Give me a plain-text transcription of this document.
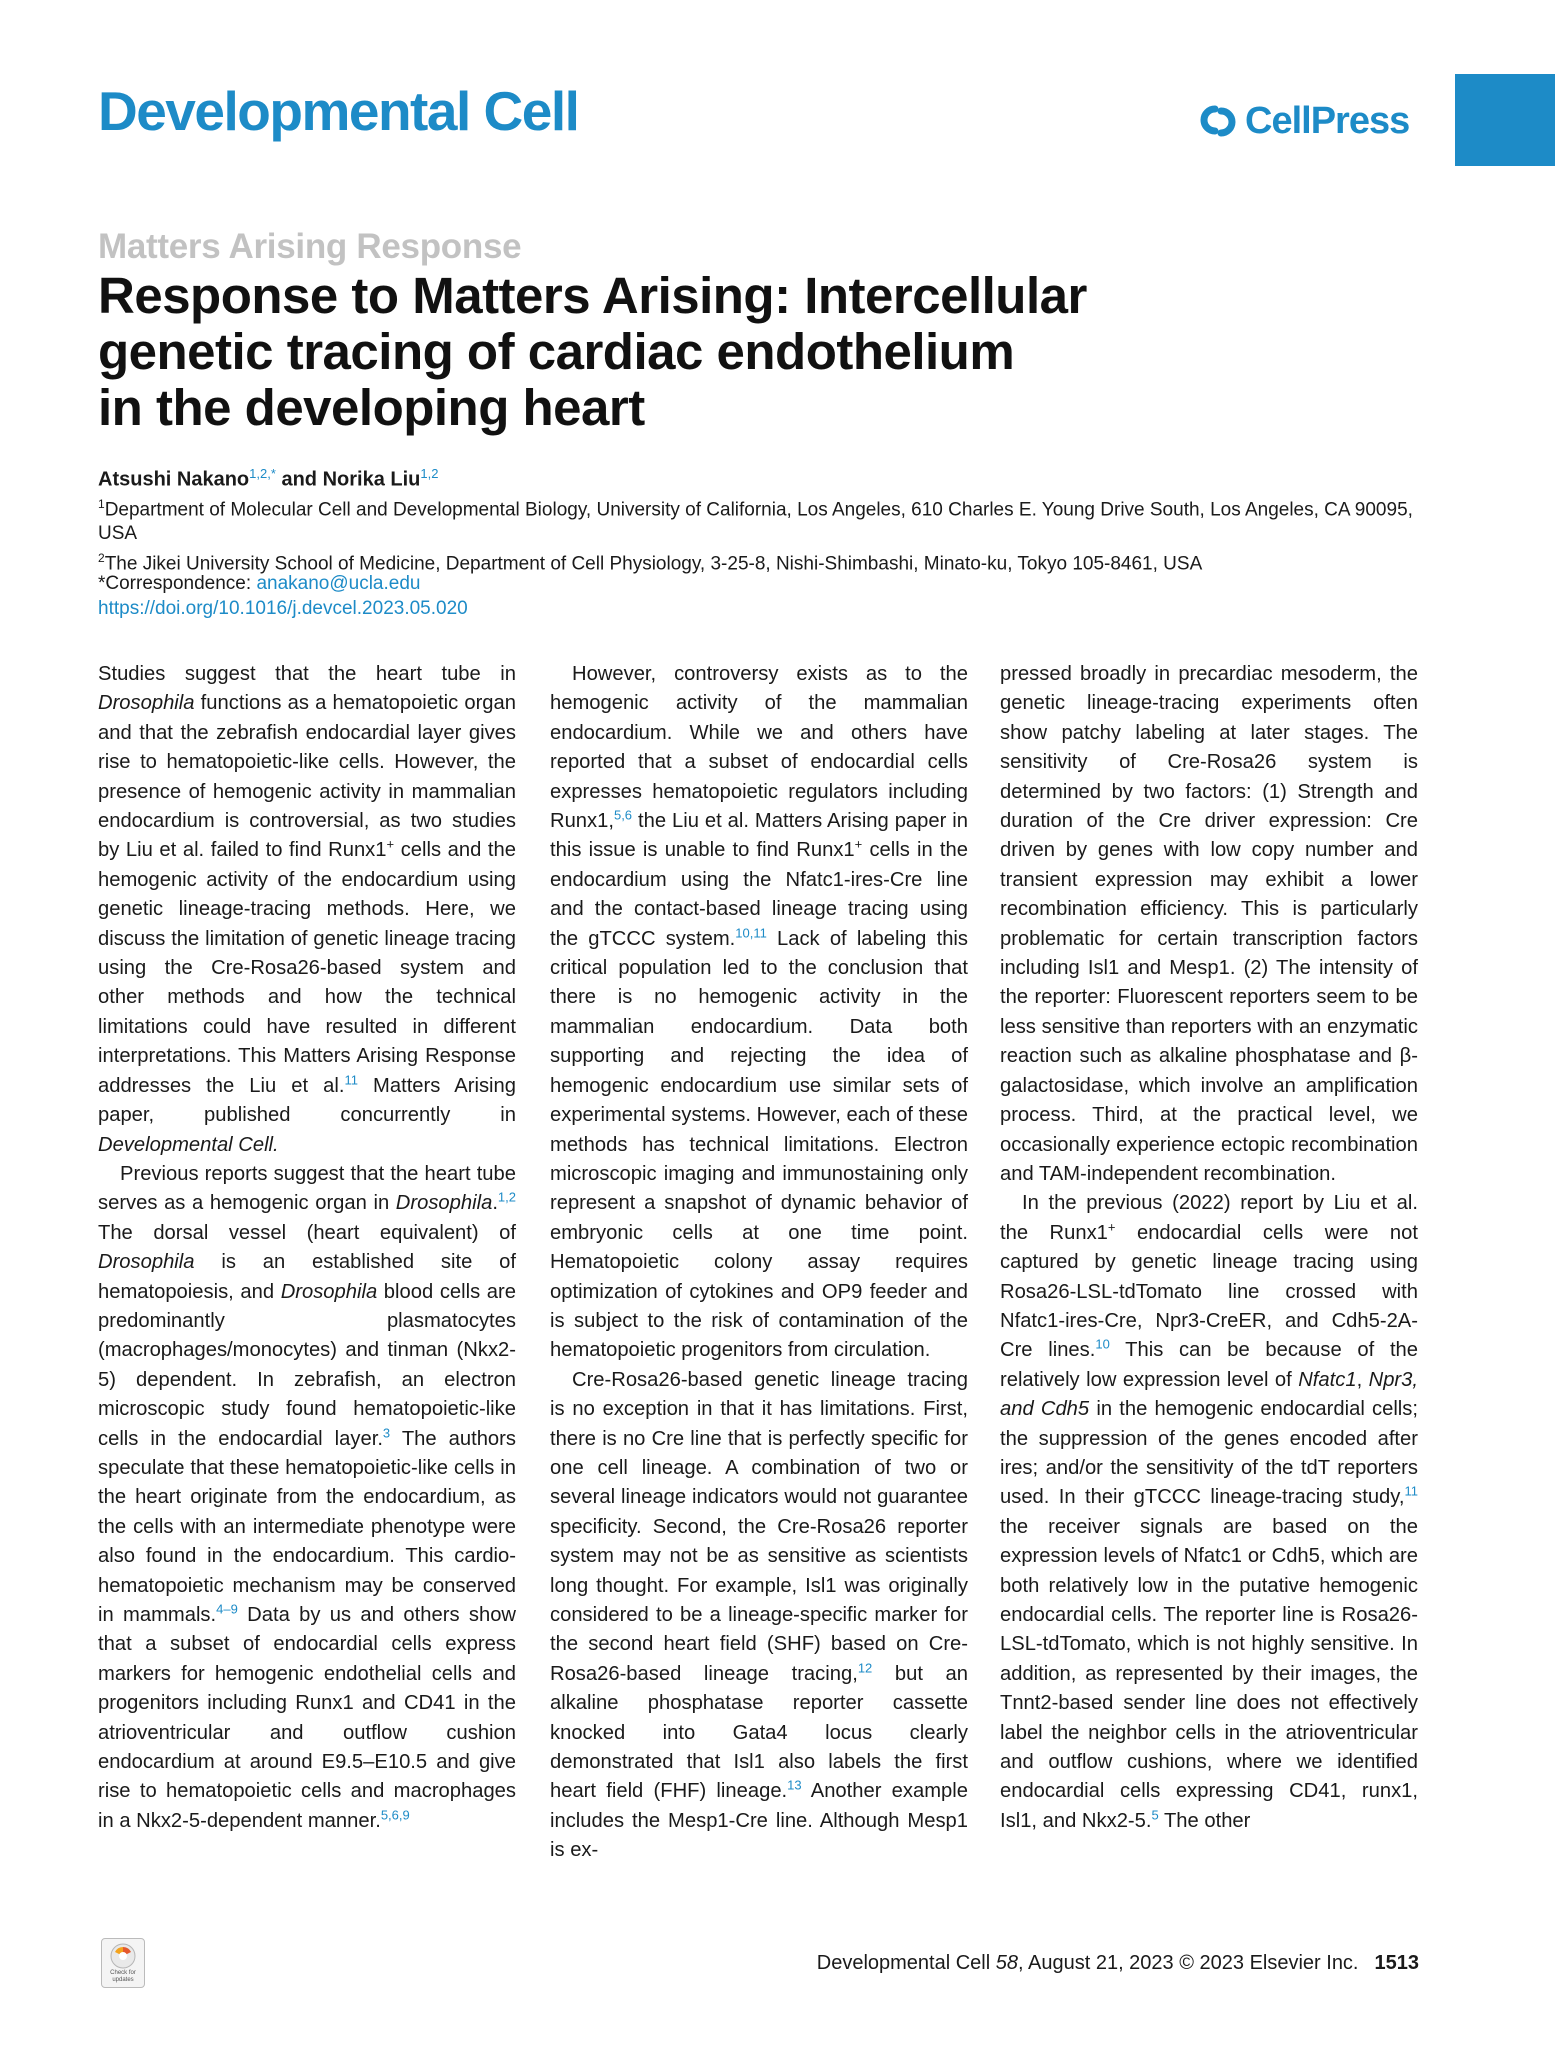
Developmental Cell	CellPress
Matters Arising Response
Response to Matters Arising: Intercellular
genetic tracing of cardiac endothelium
in the developing heart
Atsushi Nakano$^{1,2,*}$ and Norika Liu$^{1,2}$
$^1$Department of Molecular Cell and Developmental Biology, University of California, Los Angeles, 610 Charles E. Young Drive South, Los Angeles, CA 90095, USA
$^2$The Jikei University School of Medicine, Department of Cell Physiology, 3-25-8, Nishi-Shimbashi, Minato-ku, Tokyo 105-8461, USA
*Correspondence: anakano@ucla.edu
https://doi.org/10.1016/j.devcel.2023.05.020

Studies suggest that the heart tube in Drosophila functions as a hematopoietic organ and that the zebrafish endocardial layer gives rise to hematopoietic-like cells. However, the presence of hemogenic activity in mammalian endocardium is controversial, as two studies by Liu et al. failed to find Runx1+ cells and the hemogenic activity of the endocardium using genetic lineage-tracing methods. Here, we discuss the limitation of genetic lineage tracing using the Cre-Rosa26-based system and other methods and how the technical limitations could have resulted in different interpretations. This Matters Arising Response addresses the Liu et al.$^{11}$ Matters Arising paper, published concurrently in Developmental Cell.

Previous reports suggest that the heart tube serves as a hemogenic organ in Drosophila.$^{1,2}$ The dorsal vessel (heart equivalent) of Drosophila is an established site of hematopoiesis, and Drosophila blood cells are predominantly plasmatocytes (macrophages/monocytes) and tinman (Nkx2-5) dependent. In zebrafish, an electron microscopic study found hematopoietic-like cells in the endocardial layer.$^3$ The authors speculate that these hematopoietic-like cells in the heart originate from the endocardium, as the cells with an intermediate phenotype were also found in the endocardium. This cardio-hematopoietic mechanism may be conserved in mammals.$^{4-9}$ Data by us and others show that a subset of endocardial cells express markers for hemogenic endothelial cells and progenitors including Runx1 and CD41 in the atrioventricular and outflow cushion endocardium at around E9.5–E10.5 and give rise to hematopoietic cells and macrophages in a Nkx2-5-dependent manner.$^{5,6,9}$

However, controversy exists as to the hemogenic activity of the mammalian endocardium. While we and others have reported that a subset of endocardial cells expresses hematopoietic regulators including Runx1,$^{5,6}$ the Liu et al. Matters Arising paper in this issue is unable to find Runx1+ cells in the endocardium using the Nfatc1-ires-Cre line and the contact-based lineage tracing using the gTCCC system.$^{10,11}$ Lack of labeling this critical population led to the conclusion that there is no hemogenic activity in the mammalian endocardium. Data both supporting and rejecting the idea of hemogenic endocardium use similar sets of experimental systems. However, each of these methods has technical limitations. Electron microscopic imaging and immunostaining only represent a snapshot of dynamic behavior of embryonic cells at one time point. Hematopoietic colony assay requires optimization of cytokines and OP9 feeder and is subject to the risk of contamination of the hematopoietic progenitors from circulation.

Cre-Rosa26-based genetic lineage tracing is no exception in that it has limitations. First, there is no Cre line that is perfectly specific for one cell lineage. A combination of two or several lineage indicators would not guarantee specificity. Second, the Cre-Rosa26 reporter system may not be as sensitive as scientists long thought. For example, Isl1 was originally considered to be a lineage-specific marker for the second heart field (SHF) based on Cre-Rosa26-based lineage tracing,$^{12}$ but an alkaline phosphatase reporter cassette knocked into Gata4 locus clearly demonstrated that Isl1 also labels the first heart field (FHF) lineage.$^{13}$ Another example includes the Mesp1-Cre line. Although Mesp1 is ex-

pressed broadly in precardiac mesoderm, the genetic lineage-tracing experiments often show patchy labeling at later stages. The sensitivity of Cre-Rosa26 system is determined by two factors: (1) Strength and duration of the Cre driver expression: Cre driven by genes with low copy number and transient expression may exhibit a lower recombination efficiency. This is particularly problematic for certain transcription factors including Isl1 and Mesp1. (2) The intensity of the reporter: Fluorescent reporters seem to be less sensitive than reporters with an enzymatic reaction such as alkaline phosphatase and β-galactosidase, which involve an amplification process. Third, at the practical level, we occasionally experience ectopic recombination and TAM-independent recombination.

In the previous (2022) report by Liu et al. the Runx1+ endocardial cells were not captured by genetic lineage tracing using Rosa26-LSL-tdTomato line crossed with Nfatc1-ires-Cre, Npr3-CreER, and Cdh5-2A-Cre lines.$^{10}$ This can be because of the relatively low expression level of Nfatc1, Npr3, and Cdh5 in the hemogenic endocardial cells; the suppression of the genes encoded after ires; and/or the sensitivity of the tdT reporters used. In their gTCCC lineage-tracing study,$^{11}$ the receiver signals are based on the expression levels of Nfatc1 or Cdh5, which are both relatively low in the putative hemogenic endocardial cells. The reporter line is Rosa26-LSL-tdTomato, which is not highly sensitive. In addition, as represented by their images, the Tnnt2-based sender line does not effectively label the neighbor cells in the atrioventricular and outflow cushions, where we identified endocardial cells expressing CD41, runx1, Isl1, and Nkx2-5.$^5$ The other

Check for updates
Developmental Cell 58, August 21, 2023 © 2023 Elsevier Inc. 1513
